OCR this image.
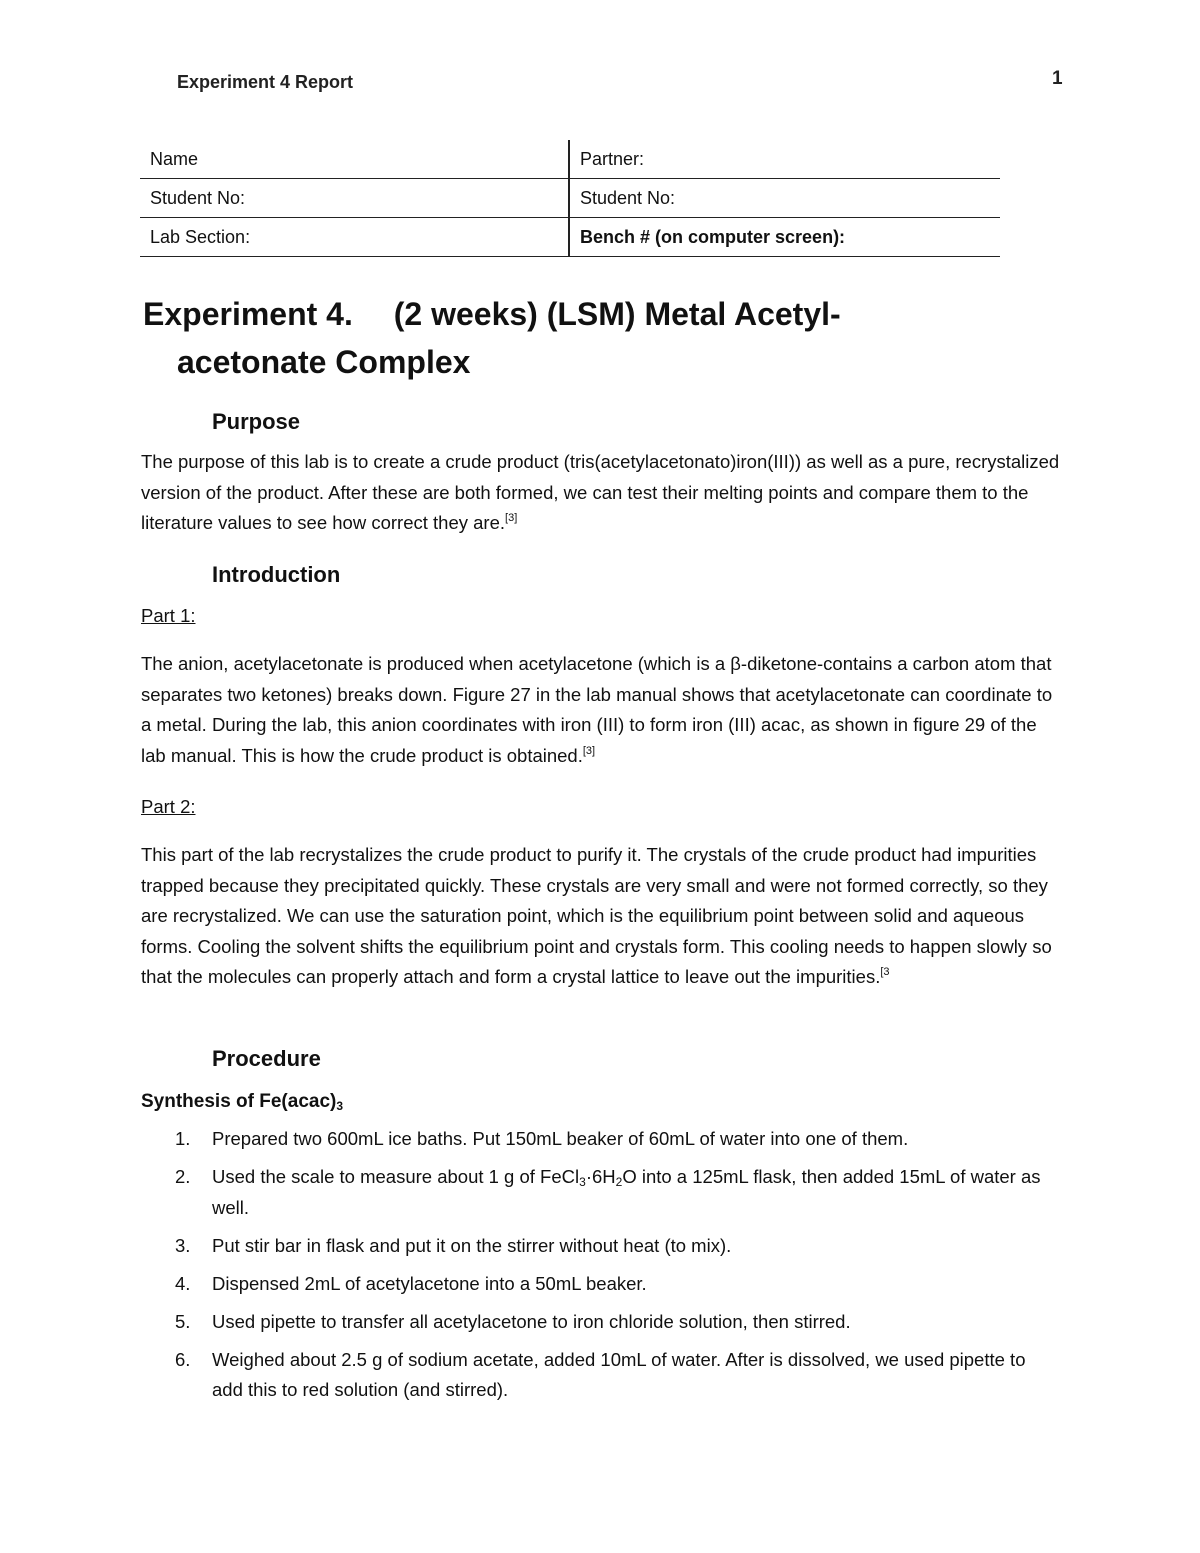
Experiment 4 Report	1
Name	Partner:
Student No:	Student No:
Lab Section:	Bench # (on computer screen):
Experiment 4.  (2 weeks) (LSM) Metal Acetyl-
acetonate Complex
Purpose

The purpose of this lab is to create a crude product (tris(acetylacetonato)iron(III)) as well as a pure, recrystalized version of the product. After these are both formed, we can test their melting points and compare them to the literature values to see how correct they are.[3]

Introduction
Part 1:

The anion, acetylacetonate is produced when acetylacetone (which is a β-diketone-contains a carbon atom that separates two ketones) breaks down. Figure 27 in the lab manual shows that acetylacetonate can coordinate to a metal. During the lab, this anion coordinates with iron (III) to form iron (III) acac, as shown in figure 29 of the lab manual. This is how the crude product is obtained.[3]

Part 2:

This part of the lab recrystalizes the crude product to purify it. The crystals of the crude product had impurities trapped because they precipitated quickly. These crystals are very small and were not formed correctly, so they are recrystalized. We can use the saturation point, which is the equilibrium point between solid and aqueous forms. Cooling the solvent shifts the equilibrium point and crystals form. This cooling needs to happen slowly so that the molecules can properly attach and form a crystal lattice to leave out the impurities.$^{[3}$

Procedure
Synthesis of $Fe(acac)_3$
1. Prepared two 600mL ice baths. Put 150mL beaker of 60mL of water into one of them.
2. Used the scale to measure about 1 g of $FeCl_3\cdot 6H_2O$ into a 125mL flask, then added 15mL of water as well.
3. Put stir bar in flask and put it on the stirrer without heat (to mix).
4. Dispensed 2mL of acetylacetone into a 50mL beaker.
5. Used pipette to transfer all acetylacetone to iron chloride solution, then stirred.
6. Weighed about 2.5 g of sodium acetate, added 10mL of water. After is dissolved, we used pipette to add this to red solution (and stirred).
